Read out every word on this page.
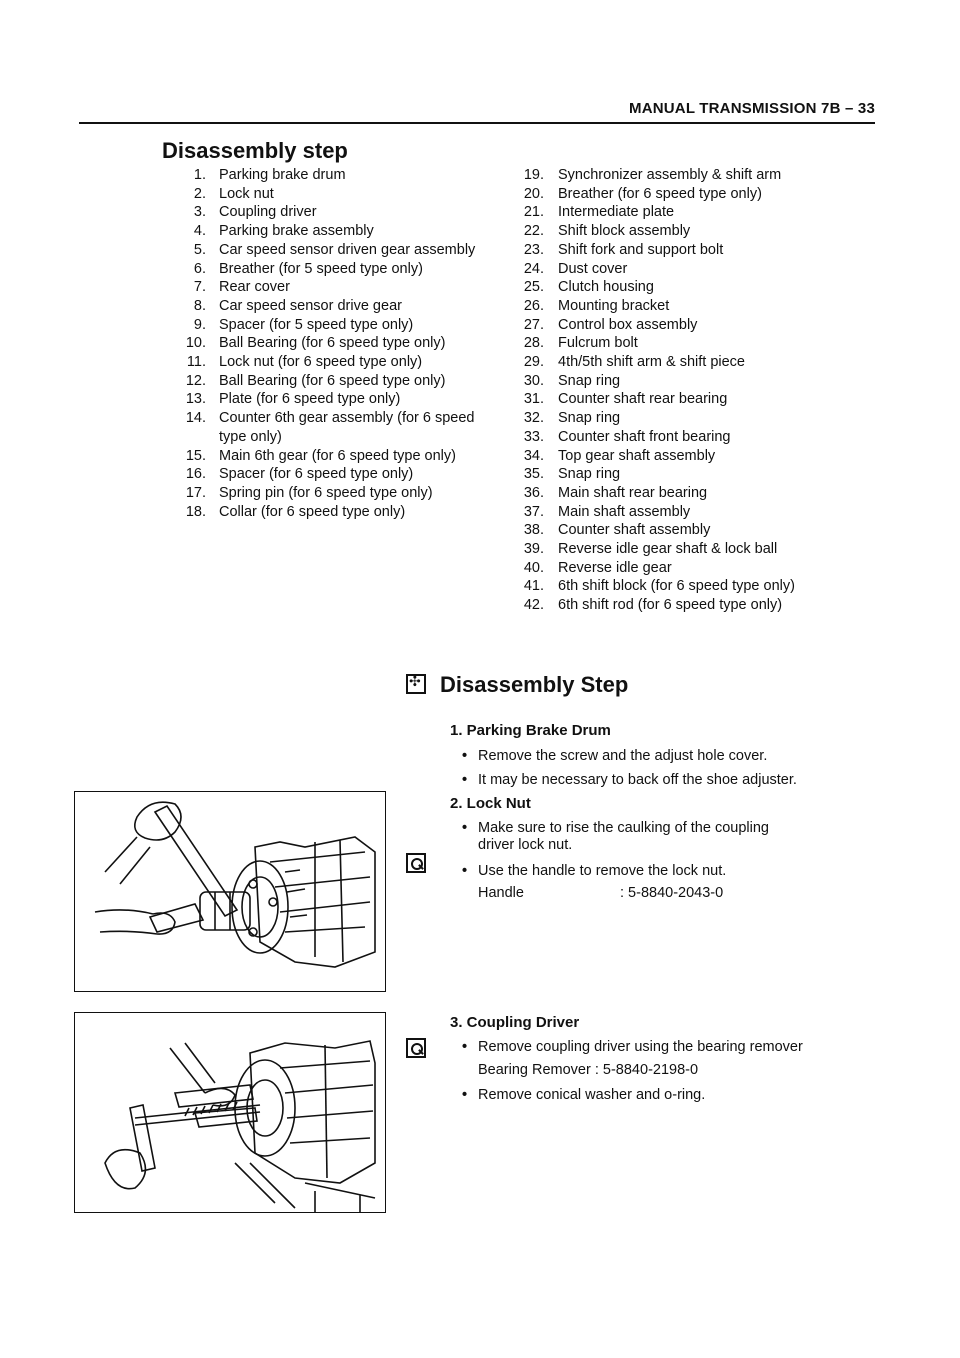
MANUAL TRANSMISSION 7B – 33
Disassembly step
1. Parking brake drum
2. Lock nut
3. Coupling driver
4. Parking brake assembly
5. Car speed sensor driven gear assembly
6. Breather (for 5 speed type only)
7. Rear cover
8. Car speed sensor drive gear
9. Spacer (for 5 speed type only)
10. Ball Bearing (for 6 speed type only)
11. Lock nut (for 6 speed type only)
12. Ball Bearing (for 6 speed type only)
13. Plate (for 6 speed type only)
14. Counter 6th gear assembly (for 6 speed type only)
15. Main 6th gear (for 6 speed type only)
16. Spacer (for 6 speed type only)
17. Spring pin (for 6 speed type only)
18. Collar (for 6 speed type only)
19. Synchronizer assembly & shift arm
20. Breather (for 6 speed type only)
21. Intermediate plate
22. Shift block assembly
23. Shift fork and support bolt
24. Dust cover
25. Clutch housing
26. Mounting bracket
27. Control box assembly
28. Fulcrum bolt
29. 4th/5th shift arm & shift piece
30. Snap ring
31. Counter shaft rear bearing
32. Snap ring
33. Counter shaft front bearing
34. Top gear shaft assembly
35. Snap ring
36. Main shaft rear bearing
37. Main shaft assembly
38. Counter shaft assembly
39. Reverse idle gear shaft & lock ball
40. Reverse idle gear
41. 6th shift block (for 6 speed type only)
42. 6th shift rod (for 6 speed type only)
✣
Disassembly Step
1. Parking Brake Drum
• Remove the screw and the adjust hole cover.
• It may be necessary to back off the shoe adjuster.
2. Lock Nut
• Make sure to rise the caulking of the coupling
driver lock nut.
• Use the handle to remove the lock nut.
Handle	: 5-8840-2043-0
3. Coupling Driver
• Remove coupling driver using the bearing remover
Bearing Remover : 5-8840-2198-0
• Remove conical washer and o-ring.
